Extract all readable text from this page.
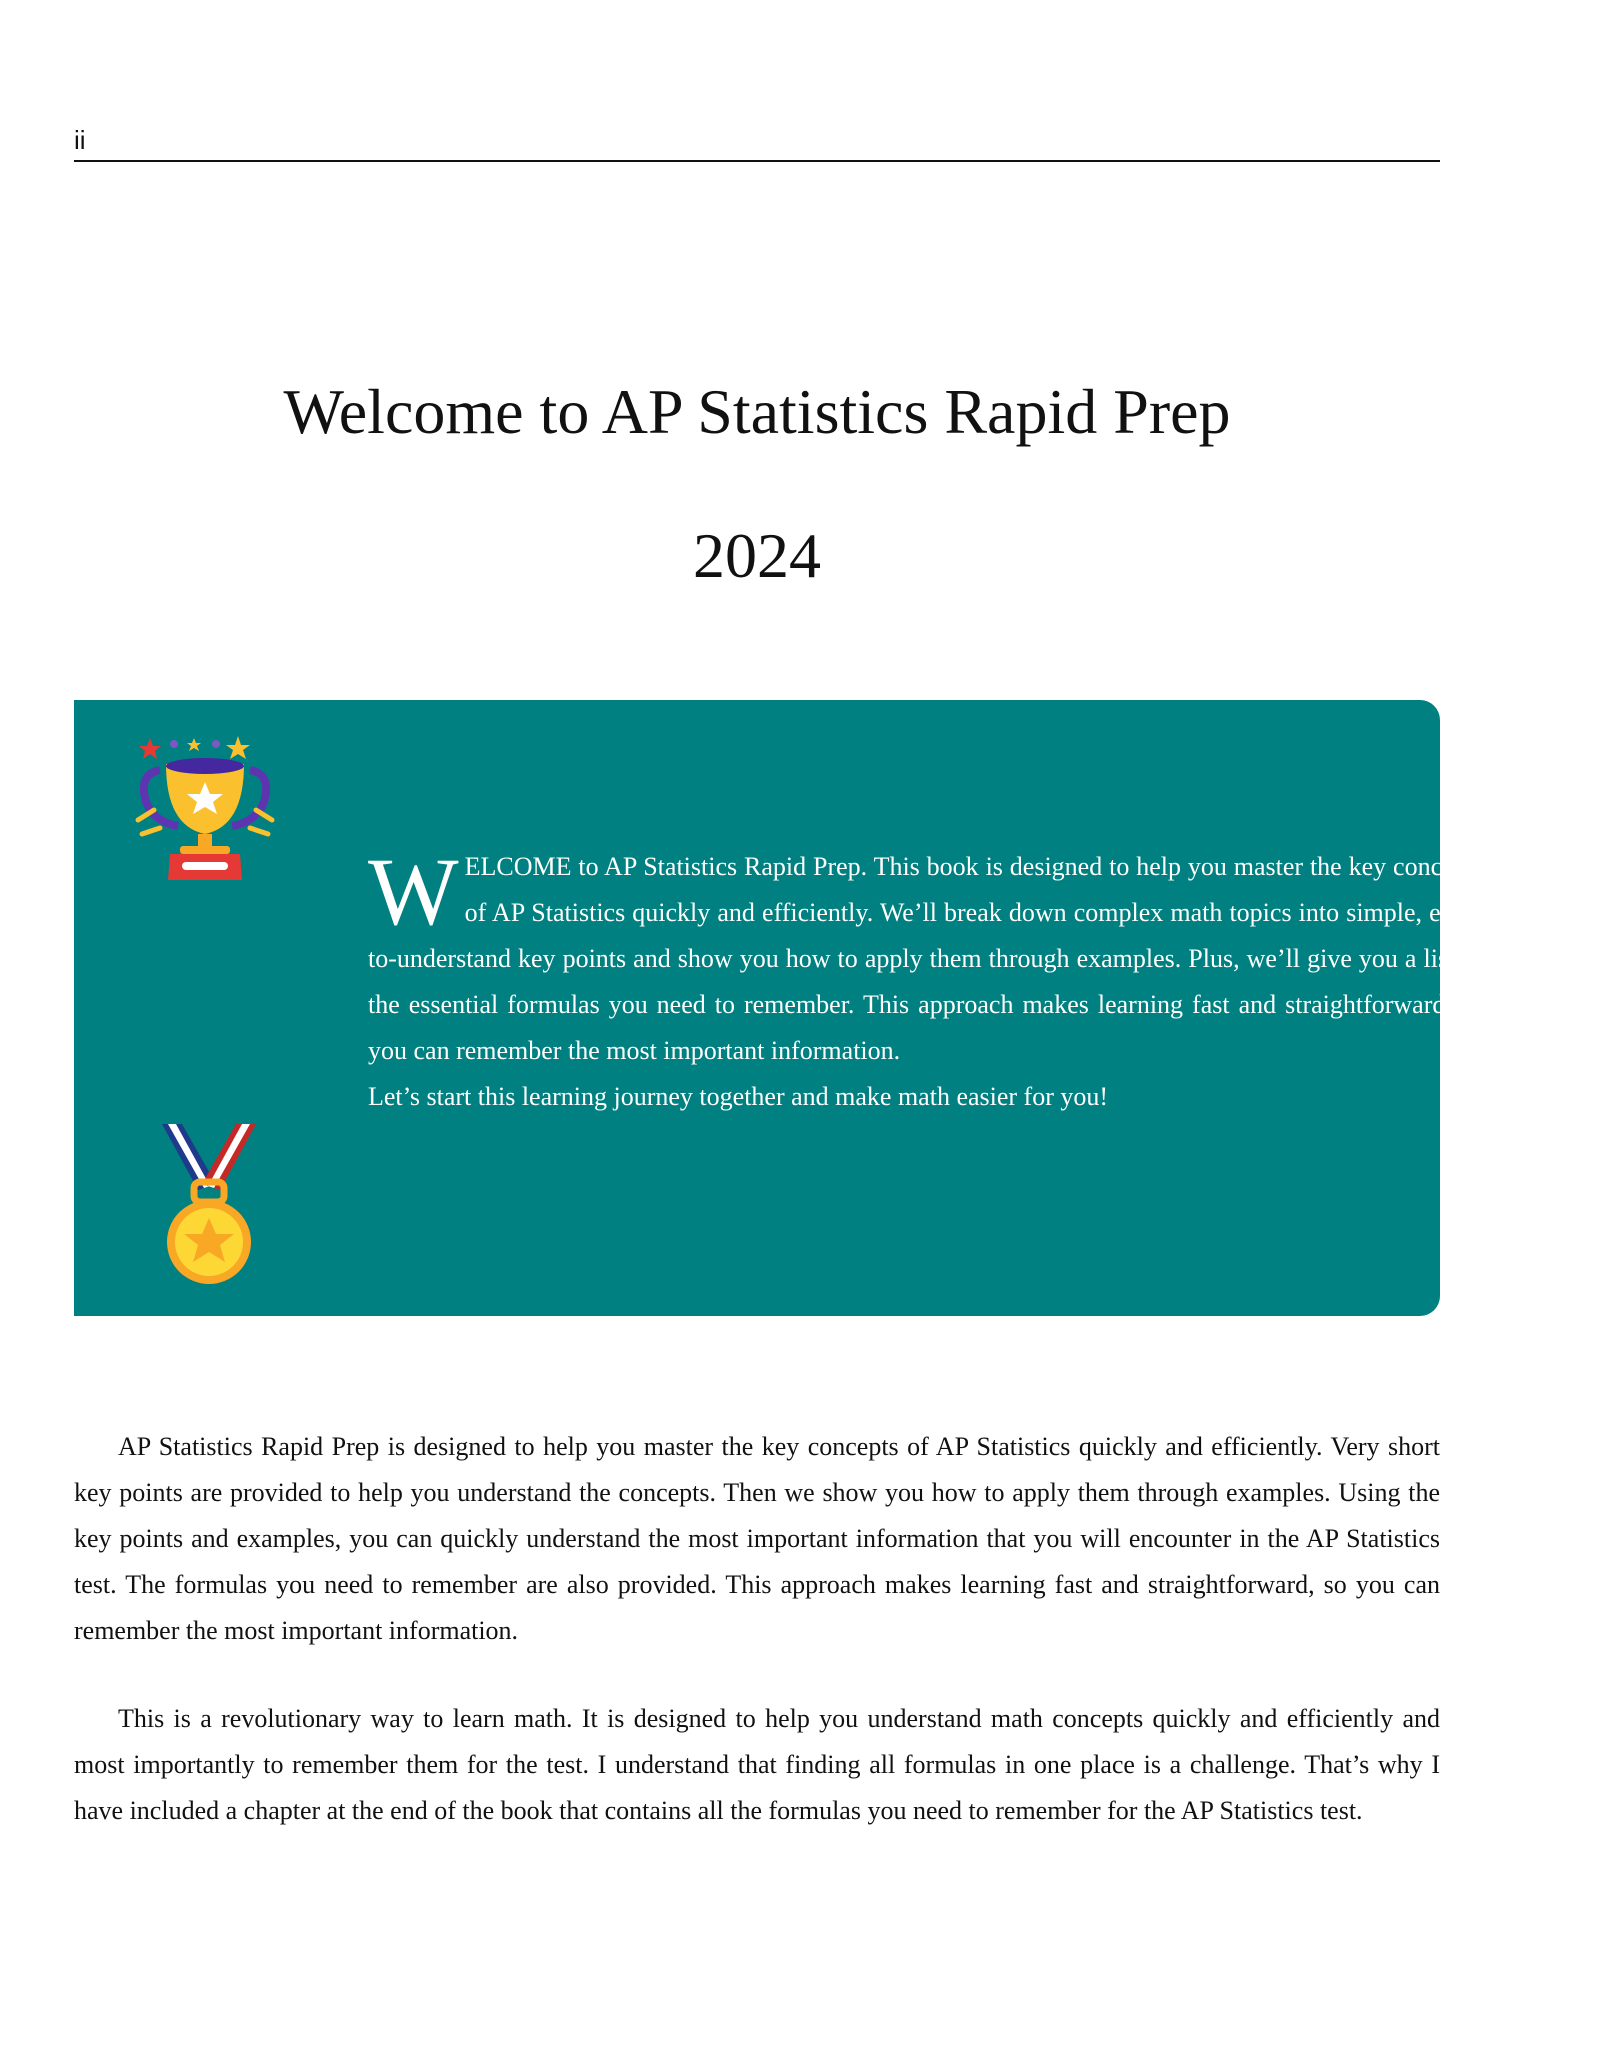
ii
Welcome to AP Statistics Rapid Prep
2024
W ELCOME to AP Statistics Rapid Prep. This book is designed to help you master the key concepts of AP Statistics quickly and efficiently. We’ll break down complex math topics into simple, easy-to-understand key points and show you how to apply them through examples. Plus, we’ll give you a list of the essential formulas you need to remember. This approach makes learning fast and straightforward, so you can remember the most important information.

Let’s start this learning journey together and make math easier for you!

AP Statistics Rapid Prep is designed to help you master the key concepts of AP Statistics quickly and efficiently. Very short key points are provided to help you understand the concepts. Then we show you how to apply them through examples. Using the key points and examples, you can quickly understand the most important information that you will encounter in the AP Statistics test. The formulas you need to remember are also provided. This approach makes learning fast and straightforward, so you can remember the most important information.

This is a revolutionary way to learn math. It is designed to help you understand math concepts quickly and efficiently and most importantly to remember them for the test. I understand that finding all formulas in one place is a challenge. That’s why I have included a chapter at the end of the book that contains all the formulas you need to remember for the AP Statistics test.
